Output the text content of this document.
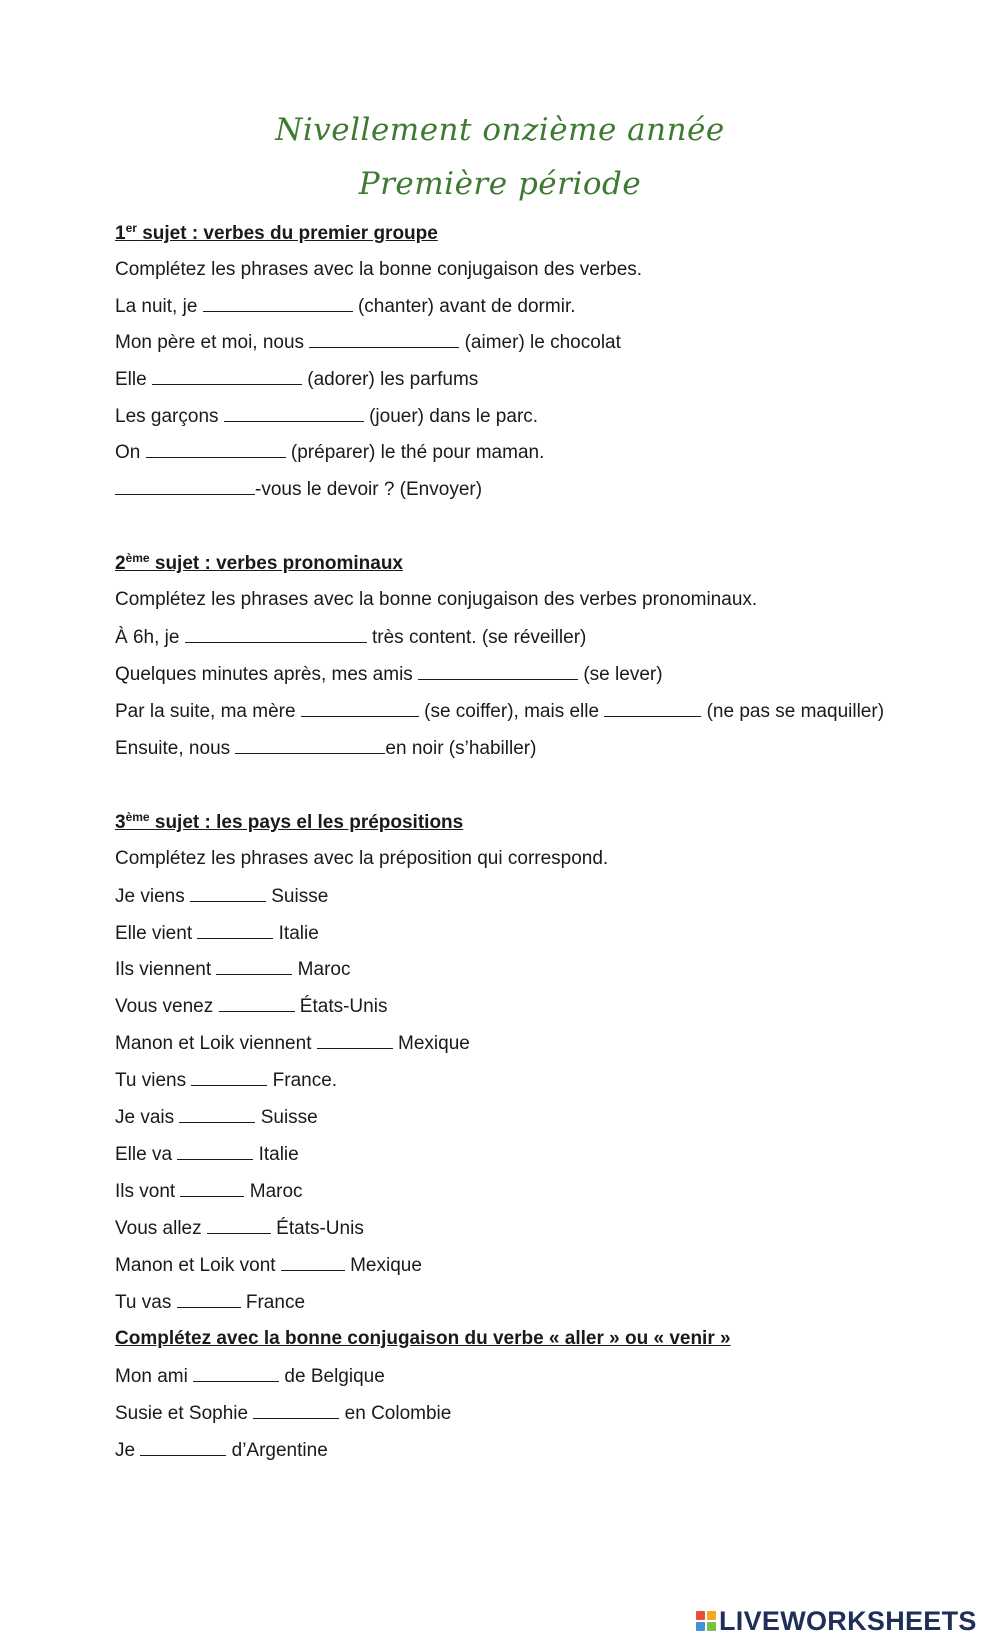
Nivellement onzième année
Première période
1er sujet : verbes du premier groupe
Complétez les phrases avec la bonne conjugaison des verbes.
La nuit, je	(chanter) avant de dormir.
Mon père et moi, nous	(aimer) le chocolat
Elle	(adorer) les parfums
Les garçons	(jouer) dans le parc.
On	(préparer) le thé pour maman.
-vous le devoir ? (Envoyer)
2ème sujet : verbes pronominaux
Complétez les phrases avec la bonne conjugaison des verbes pronominaux.
À 6h, je	très content. (se réveiller)
Quelques minutes après, mes amis	(se lever)
Par la suite, ma mère	(se coiffer), mais elle	(ne pas se maquiller)
Ensuite, nous	en noir (s’habiller)
3ème sujet : les pays el les prépositions
Complétez les phrases avec la préposition qui correspond.
Je viens	Suisse
Elle vient	Italie
Ils viennent	Maroc
Vous venez	États-Unis
Manon et Loik viennent	Mexique
Tu viens	France.
Je vais	Suisse
Elle va	Italie
Ils vont	Maroc
Vous allez	États-Unis
Manon et Loik vont	Mexique
Tu vas	France
Complétez avec la bonne conjugaison du verbe « aller » ou « venir »
Mon ami	de Belgique
Susie et Sophie	en Colombie
Je	d’Argentine
LIVEWORKSHEETS
